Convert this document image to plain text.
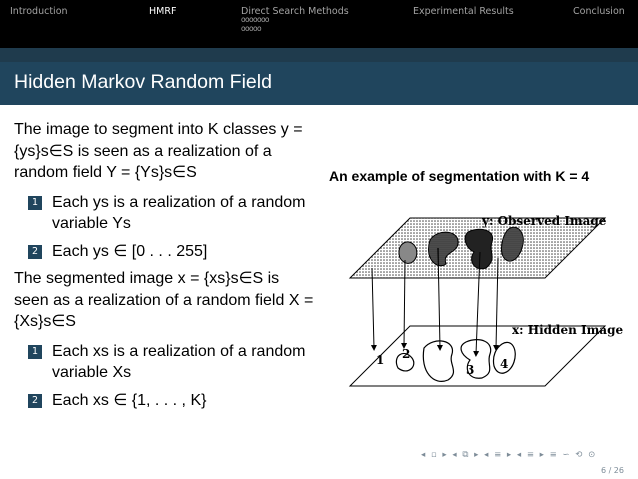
Introduction	HMRF	Direct Search Methods	Experimental Results	Conclusion
ooooooo
ooooo
Hidden Markov Random Field
The image to segment into K classes y = {ys}s∈S is seen as a realization of a random field Y = {Ys}s∈S
1 Each ys is a realization of a random variable Ys
2 Each ys ∈ [0 . . . 255]
The segmented image x = {xs}s∈S is seen as a realization of a random field X = {Xs}s∈S
1 Each xs is a realization of a random variable Xs
2 Each xs ∈ {1, . . . , K}
An example of segmentation with K = 4
y: Observed Image
x: Hidden Image
1 2
3 4
◂ ▫ ▸ ◂ ⧉ ▸ ◂ ≡ ▸ ◂ ≡ ▸ ≡ ∽ ⟲ ⊙
6 / 26
